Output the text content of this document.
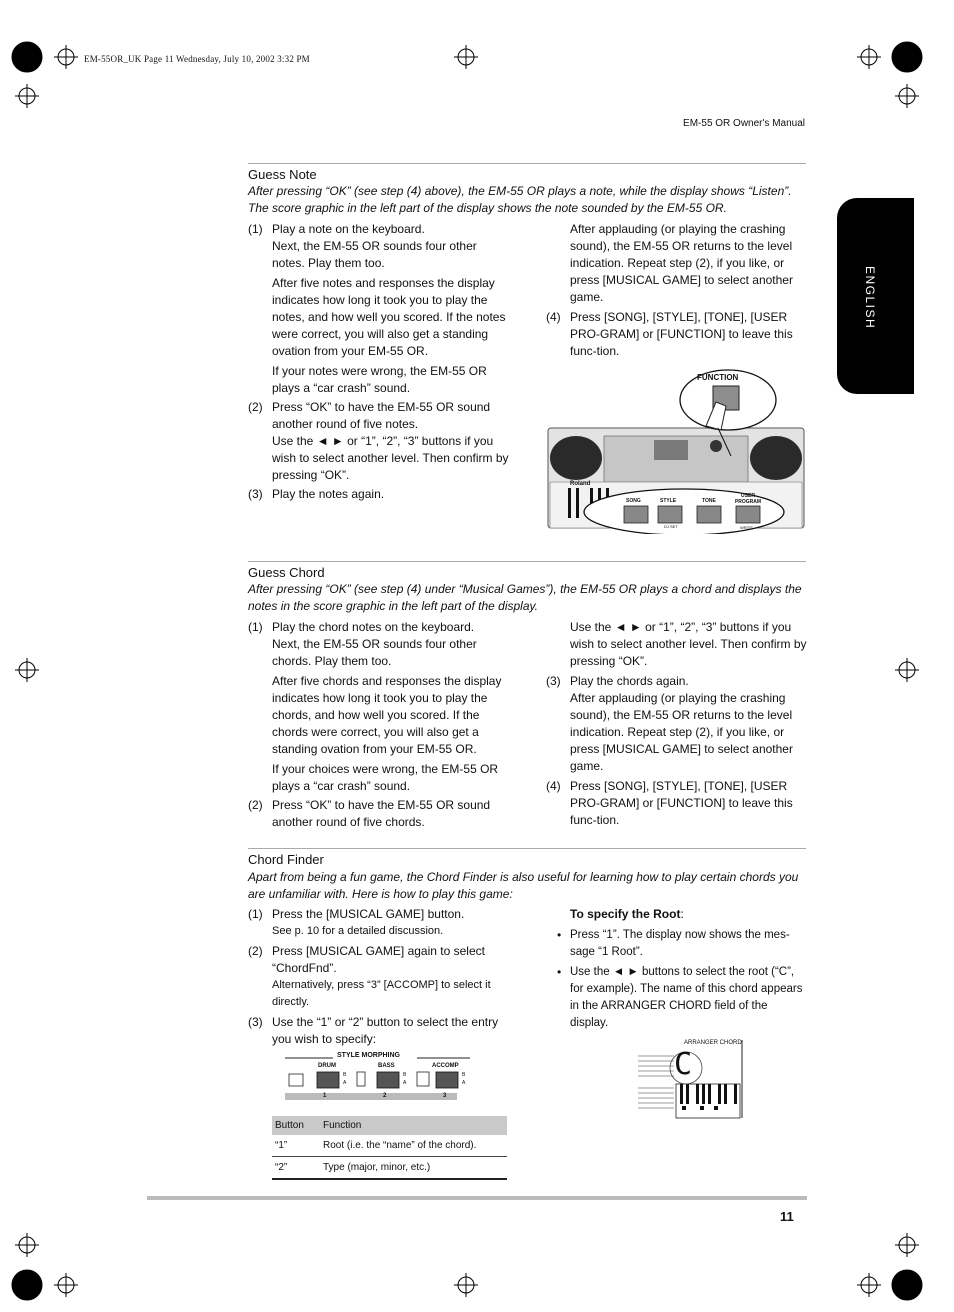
EM-55OR_UK Page 11 Wednesday, July 10, 2002 3:32 PM
EM-55 OR Owner's Manual
ENGLISH
Guess Note

After pressing “OK” (see step (4) above), the EM-55 OR plays a note, while the display shows “Listen”. The score graphic in the left part of the display shows the note sounded by the EM-55 OR.

(1) Play a note on the keyboard.
Next, the EM-55 OR sounds four other notes. Play them too.
After five notes and responses the display indicates how long it took you to play the notes, and how well you scored. If the notes were correct, you will also get a standing ovation from your EM-55 OR.
If your notes were wrong, the EM-55 OR plays a “car crash” sound.
(2) Press “OK” to have the EM-55 OR sound another round of five notes.
Use the ◄ ► or “1”, “2”, “3” buttons if you wish to select another level. Then confirm by pressing “OK”.
(3) Play the notes again.
After applauding (or playing the crashing sound), the EM-55 OR returns to the level indication. Repeat step (2), if you like, or press [MUSICAL GAME] to select another game.
(4) Press [SONG], [STYLE], [TONE], [USER PRO-GRAM] or [FUNCTION] to leave this func-tion.
FUNCTION
Roland
SONG	STYLE	TONE
USER PROGRAM
DJ SET	WRITE
Guess Chord

After pressing “OK” (see step (4) under “Musical Games”), the EM-55 OR plays a chord and displays the notes in the score graphic in the left part of the display.

(1) Play the chord notes on the keyboard.
Next, the EM-55 OR sounds four other chords. Play them too.
After five chords and responses the display indicates how long it took you to play the chords, and how well you scored. If the chords were correct, you will also get a standing ovation from your EM-55 OR.
If your choices were wrong, the EM-55 OR plays a “car crash” sound.
(2) Press “OK” to have the EM-55 OR sound another round of five chords.
Use the ◄ ► or “1”, “2”, “3” buttons if you wish to select another level. Then confirm by pressing “OK”.
(3) Play the chords again.
After applauding (or playing the crashing sound), the EM-55 OR returns to the level indication. Repeat step (2), if you like, or press [MUSICAL GAME] to select another game.
(4) Press [SONG], [STYLE], [TONE], [USER PRO-GRAM] or [FUNCTION] to leave this func-tion.
Chord Finder

Apart from being a fun game, the Chord Finder is also useful for learning how to play certain chords you are unfamiliar with. Here is how to play this game:

(1) Press the [MUSICAL GAME] button.
See p. 10 for a detailed discussion.
(2) Press [MUSICAL GAME] again to select “ChordFnd”.
Alternatively, press “3” [ACCOMP] to select it directly.
(3) Use the “1” or “2” button to select the entry you wish to specify:
STYLE MORPHING
DRUM	BASS	ACCOMP
B
A
B
A
B
A
1	2	3
Button	Function
“1”	Root (i.e. the “name” of the chord).
“2”	Type (major, minor, etc.)
To specify the Root:
• Press “1”. The display now shows the mes-sage “1 Root”.
• Use the ◄ ► buttons to select the root (“C”, for example). The name of this chord appears in the ARRANGER CHORD field of the display.
ARRANGER CHORD
C
11
